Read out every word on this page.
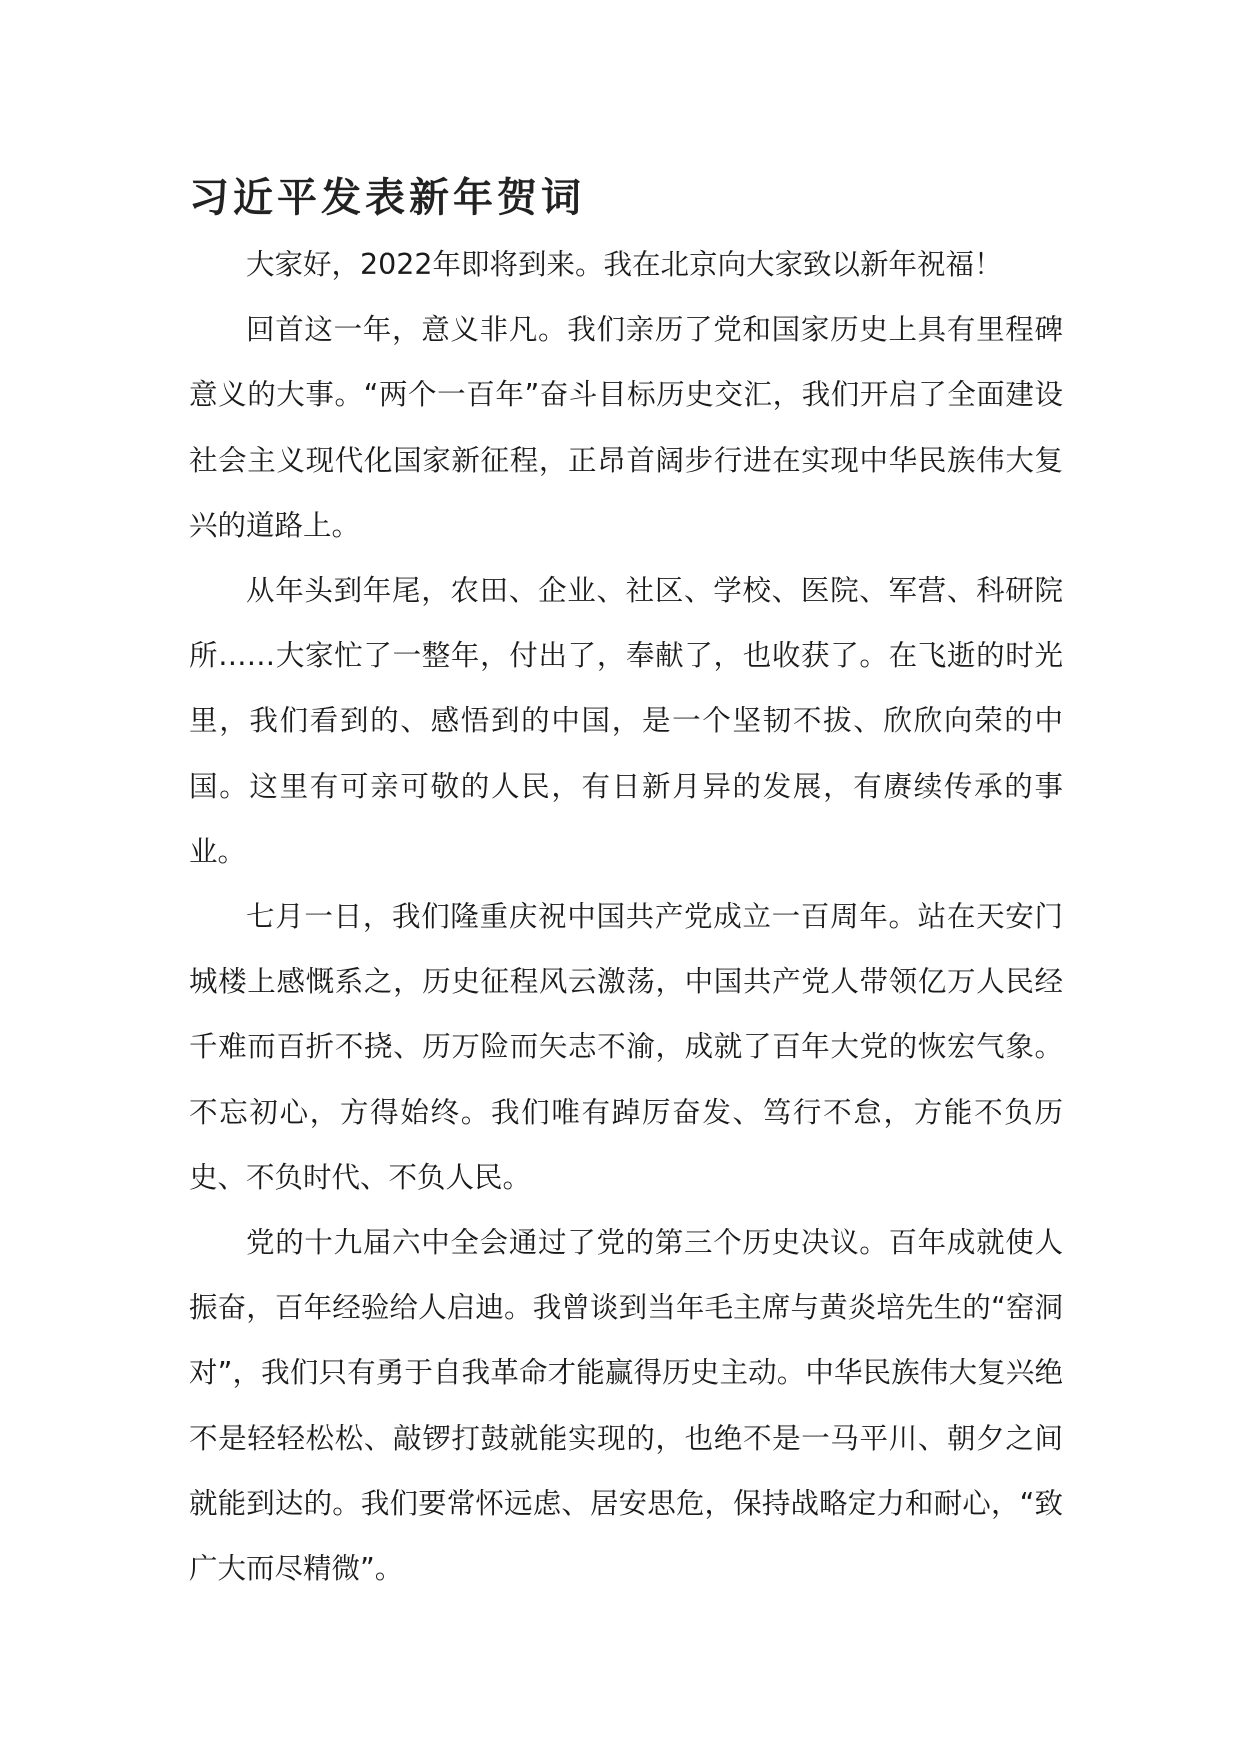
习近平发表新年贺词

大家好，2022年即将到来。我在北京向大家致以新年祝福！

回首这一年，意义非凡。我们亲历了党和国家历史上具有里程碑意义的大事。“两个一百年”奋斗目标历史交汇，我们开启了全面建设社会主义现代化国家新征程，正昂首阔步行进在实现中华民族伟大复兴的道路上。

从年头到年尾，农田、企业、社区、学校、医院、军营、科研院所……大家忙了一整年，付出了，奉献了，也收获了。在飞逝的时光里，我们看到的、感悟到的中国，是一个坚韧不拔、欣欣向荣的中国。这里有可亲可敬的人民，有日新月异的发展，有赓续传承的事业。

七月一日，我们隆重庆祝中国共产党成立一百周年。站在天安门城楼上感慨系之，历史征程风云激荡，中国共产党人带领亿万人民经千难而百折不挠、历万险而矢志不渝，成就了百年大党的恢宏气象。不忘初心，方得始终。我们唯有踔厉奋发、笃行不怠，方能不负历史、不负时代、不负人民。

党的十九届六中全会通过了党的第三个历史决议。百年成就使人振奋，百年经验给人启迪。我曾谈到当年毛主席与黄炎培先生的“窑洞对”，我们只有勇于自我革命才能赢得历史主动。中华民族伟大复兴绝不是轻轻松松、敲锣打鼓就能实现的，也绝不是一马平川、朝夕之间就能到达的。我们要常怀远虑、居安思危，保持战略定力和耐心，“致广大而尽精微”。
